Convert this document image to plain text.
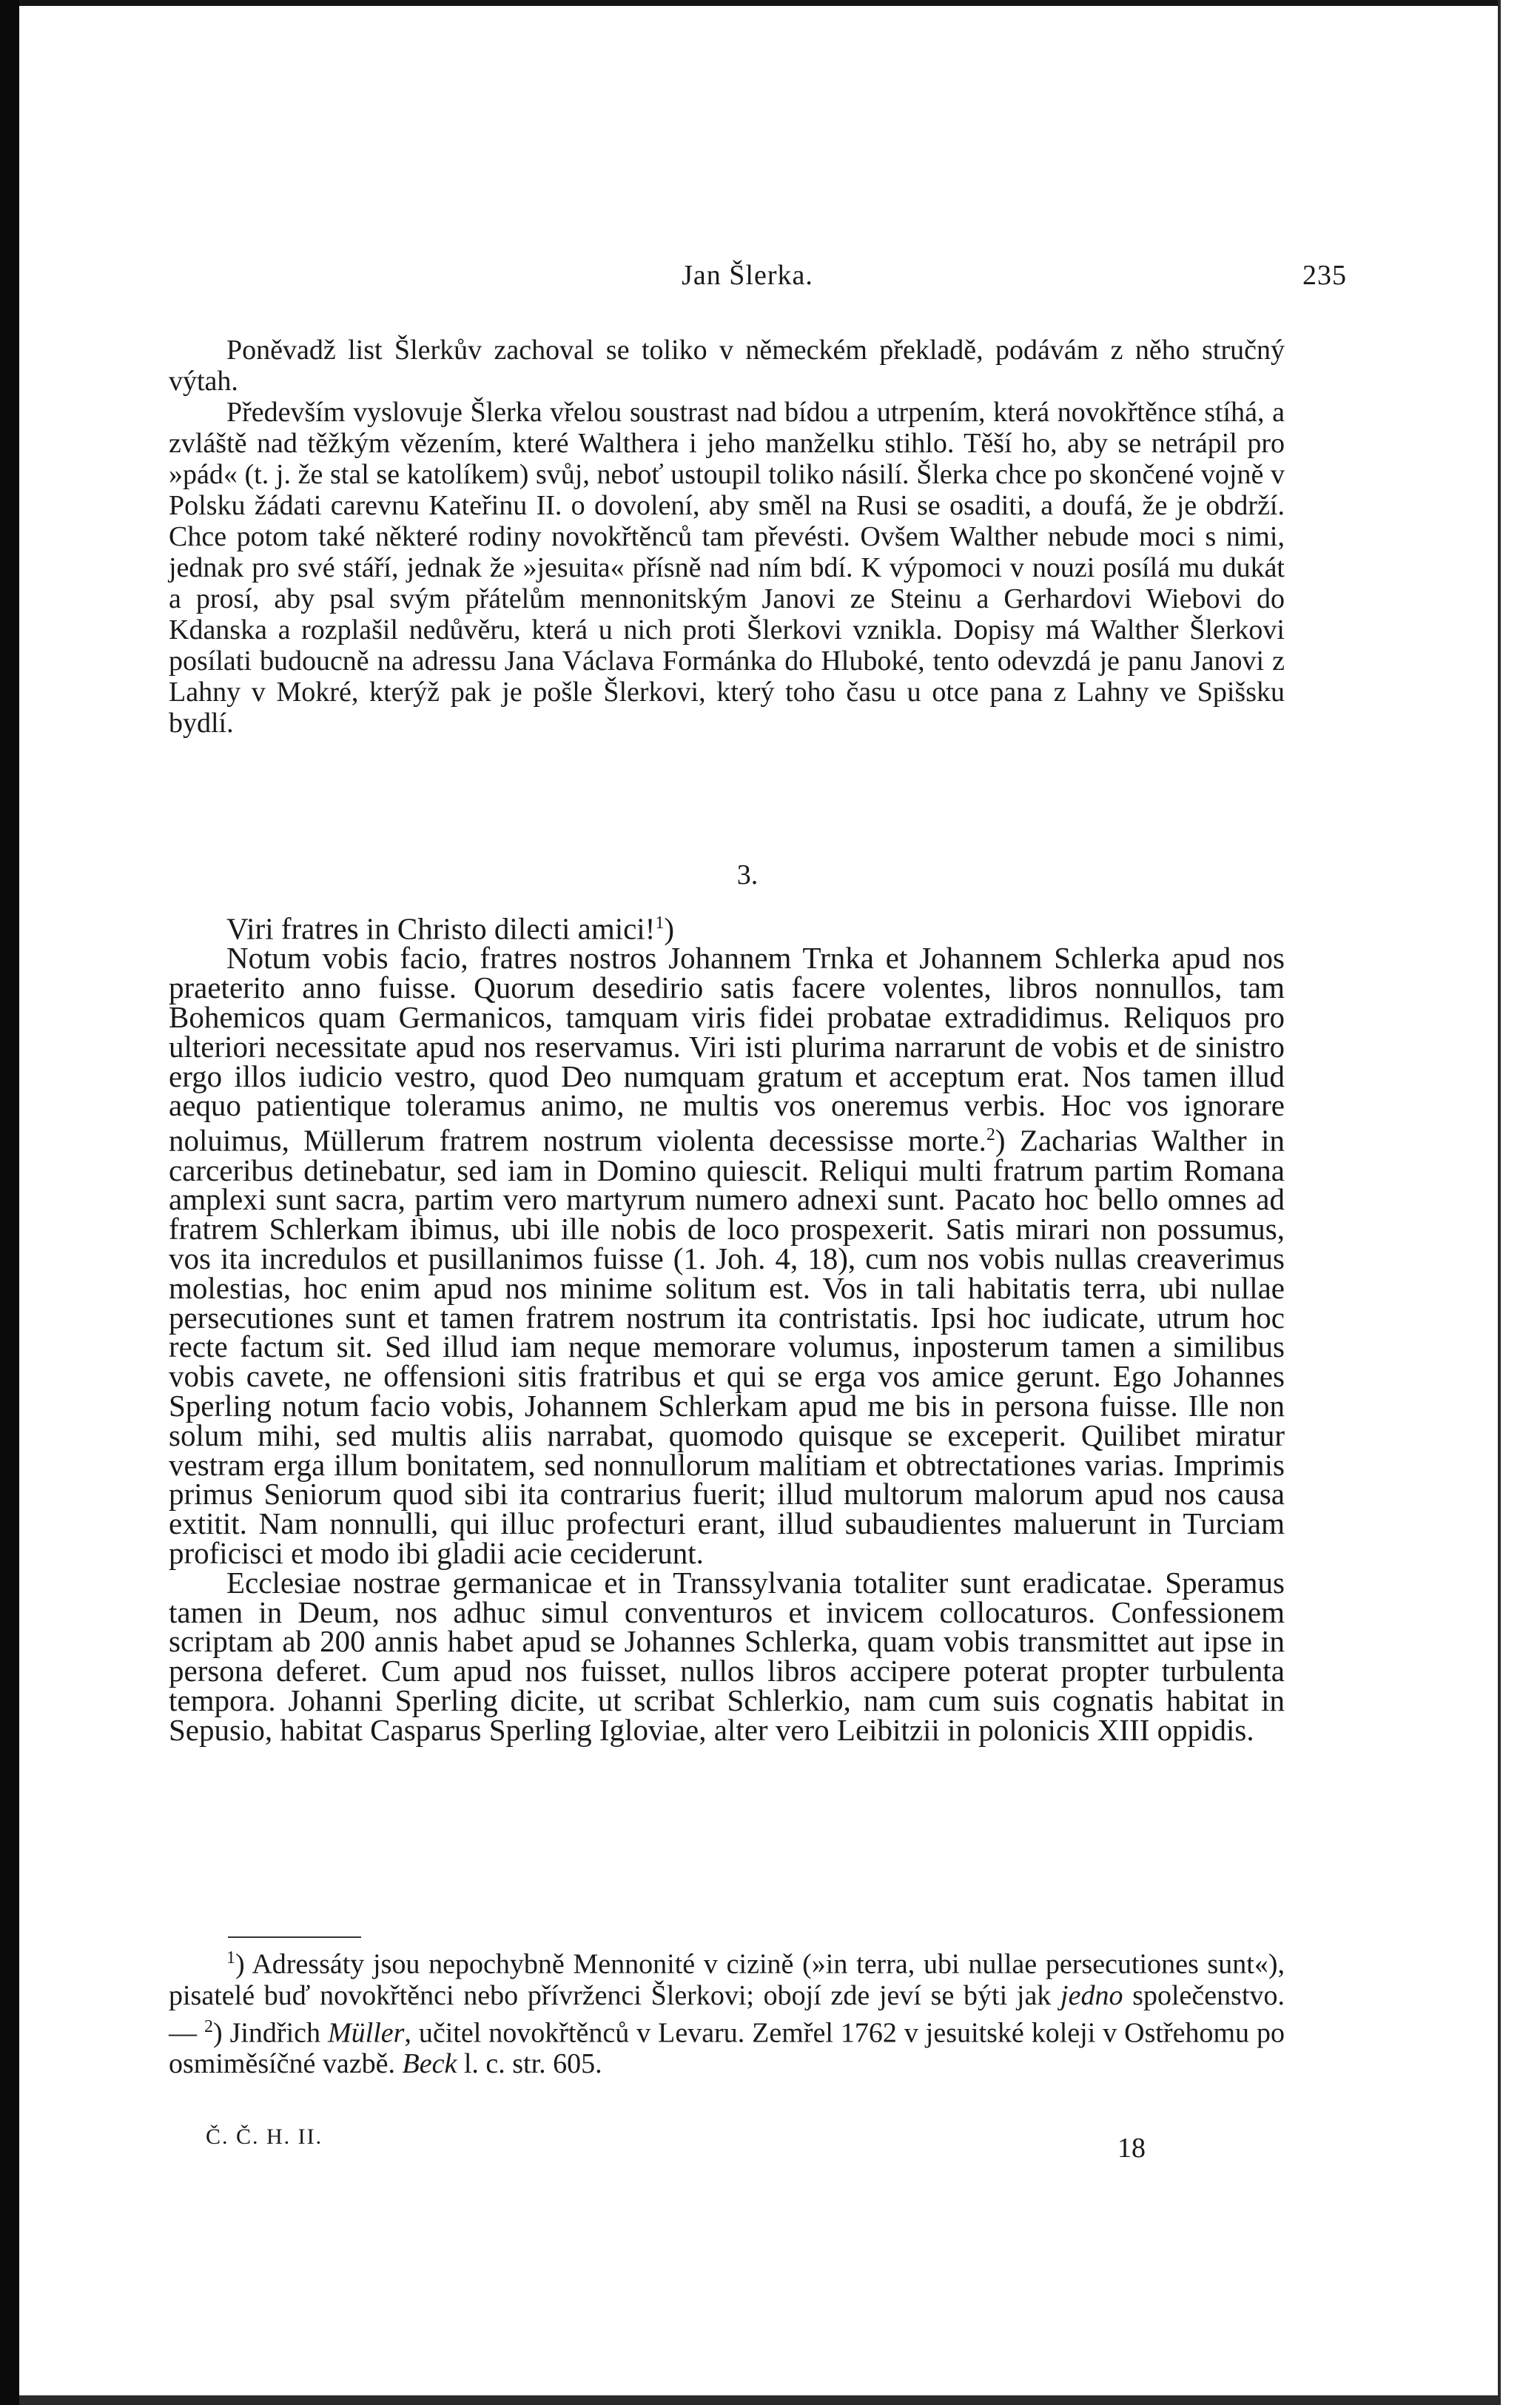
Jan Šlerka.	235

Poněvadž list Šlerkův zachoval se toliko v německém překladě, podávám z něho stručný výtah.

Především vyslovuje Šlerka vřelou soustrast nad bídou a utrpením, která novokřtěnce stíhá, a zvláště nad těžkým vězením, které Walthera i jeho manželku stihlo. Těší ho, aby se netrápil pro »pád« (t. j. že stal se katolíkem) svůj, neboť ustoupil toliko násilí. Šlerka chce po skončené vojně v Polsku žádati carevnu Kateřinu II. o dovolení, aby směl na Rusi se osaditi, a doufá, že je obdrží. Chce potom také některé rodiny novokřtěnců tam převésti. Ovšem Walther nebude moci s nimi, jednak pro své stáří, jednak že »jesuita« přísně nad ním bdí. K výpomoci v nouzi posílá mu dukát a prosí, aby psal svým přátelům mennonitským Janovi ze Steinu a Gerhardovi Wiebovi do Kdanska a rozplašil nedůvěru, která u nich proti Šlerkovi vznikla. Dopisy má Walther Šlerkovi posílati budoucně na adressu Jana Václava Formánka do Hluboké, tento odevzdá je panu Janovi z Lahny v Mokré, kterýž pak je pošle Šlerkovi, který toho času u otce pana z Lahny ve Spišsku bydlí.

3.

Viri fratres in Christo dilecti amici!$^1$)

Notum vobis facio, fratres nostros Johannem Trnka et Johannem Schlerka apud nos praeterito anno fuisse. Quorum desedirio satis facere volentes, libros nonnullos, tam Bohemicos quam Germanicos, tamquam viris fidei probatae extradidimus. Reliquos pro ulteriori necessitate apud nos reservamus. Viri isti plurima narrarunt de vobis et de sinistro ergo illos iudicio vestro, quod Deo numquam gratum et acceptum erat. Nos tamen illud aequo patientique toleramus animo, ne multis vos oneremus verbis. Hoc vos ignorare noluimus, Müllerum fratrem nostrum violenta decessisse morte.$^2$) Zacharias Walther in carceribus detinebatur, sed iam in Domino quiescit. Reliqui multi fratrum partim Romana amplexi sunt sacra, partim vero martyrum numero adnexi sunt. Pacato hoc bello omnes ad fratrem Schlerkam ibimus, ubi ille nobis de loco prospexerit. Satis mirari non possumus, vos ita incredulos et pusillanimos fuisse (1. Joh. 4, 18), cum nos vobis nullas creaverimus molestias, hoc enim apud nos minime solitum est. Vos in tali habitatis terra, ubi nullae persecutiones sunt et tamen fratrem nostrum ita contristatis. Ipsi hoc iudicate, utrum hoc recte factum sit. Sed illud iam neque memorare volumus, inposterum tamen a similibus vobis cavete, ne offensioni sitis fratribus et qui se erga vos amice gerunt. Ego Johannes Sperling notum facio vobis, Johannem Schlerkam apud me bis in persona fuisse. Ille non solum mihi, sed multis aliis narrabat, quomodo quisque se exceperit. Quilibet miratur vestram erga illum bonitatem, sed nonnullorum malitiam et obtrectationes varias. Imprimis primus Seniorum quod sibi ita contrarius fuerit; illud multorum malorum apud nos causa extitit. Nam nonnulli, qui illuc profecturi erant, illud subaudientes maluerunt in Turciam proficisci et modo ibi gladii acie ceciderunt.

Ecclesiae nostrae germanicae et in Transsylvania totaliter sunt eradicatae. Speramus tamen in Deum, nos adhuc simul conventuros et invicem collocaturos. Confessionem scriptam ab 200 annis habet apud se Johannes Schlerka, quam vobis transmittet aut ipse in persona deferet. Cum apud nos fuisset, nullos libros accipere poterat propter turbulenta tempora. Johanni Sperling dicite, ut scribat Schlerkio, nam cum suis cognatis habitat in Sepusio, habitat Casparus Sperling Igloviae, alter vero Leibitzii in polonicis XIII oppidis.

$^1$) Adressáty jsou nepochybně Mennonité v cizině (»in terra, ubi nullae persecutiones sunt«), pisatelé buď novokřtěnci nebo přívrženci Šlerkovi; obojí zde jeví se býti jak jedno společenstvo. — $^2$) Jindřich Müller, učitel novokřtěnců v Levaru. Zemřel 1762 v jesuitské koleji v Ostřehomu po osmiměsíčné vazbě. Beck l. c. str. 605.

Č. Č. H. II.	18
